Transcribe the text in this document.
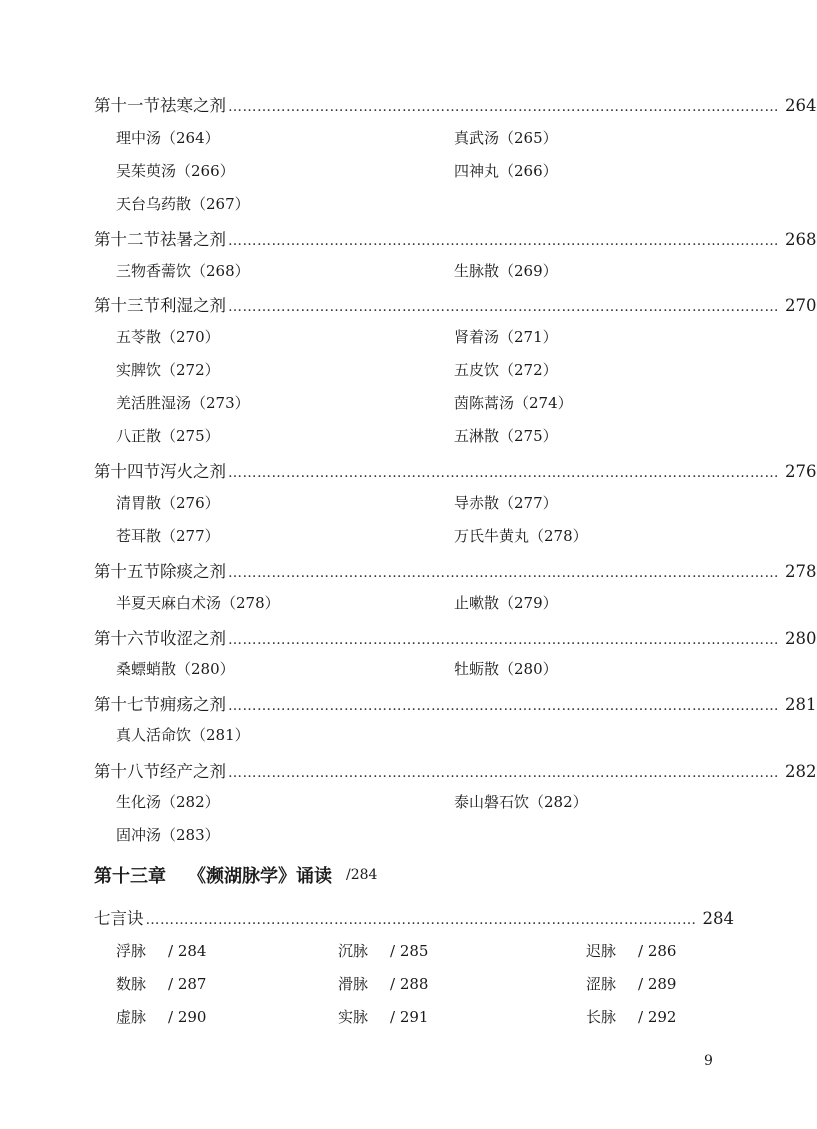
第十一节 祛寒之剂 …………………………………………………………………………………………………… 264
理中汤（264）	真武汤（265）
吴茱萸汤（266）	四神丸（266）
天台乌药散（267）
第十二节 祛暑之剂 …………………………………………………………………………………………………… 268
三物香薷饮（268）	生脉散（269）
第十三节 利湿之剂 …………………………………………………………………………………………………… 270
五苓散（270）	肾着汤（271）
实脾饮（272）	五皮饮（272）
羌活胜湿汤（273）	茵陈蒿汤（274）
八正散（275）	五淋散（275）
第十四节 泻火之剂 …………………………………………………………………………………………………… 276
清胃散（276）	导赤散（277）
苍耳散（277）	万氏牛黄丸（278）
第十五节 除痰之剂 …………………………………………………………………………………………………… 278
半夏天麻白术汤（278）	止嗽散（279）
第十六节 收涩之剂 …………………………………………………………………………………………………… 280
桑螵蛸散（280）	牡蛎散（280）
第十七节 痈疡之剂 …………………………………………………………………………………………………… 281
真人活命饮（281）
第十八节 经产之剂 …………………………………………………………………………………………………… 282
生化汤（282）	泰山磐石饮（282）
固冲汤（283）
第十三章 《濒湖脉学》诵读 /284
七言诀 …………………………………………………………………………………………………… 284
浮脉 / 284	沉脉 / 285	迟脉 / 286
数脉 / 287	滑脉 / 288	涩脉 / 289
虚脉 / 290	实脉 / 291	长脉 / 292
9
